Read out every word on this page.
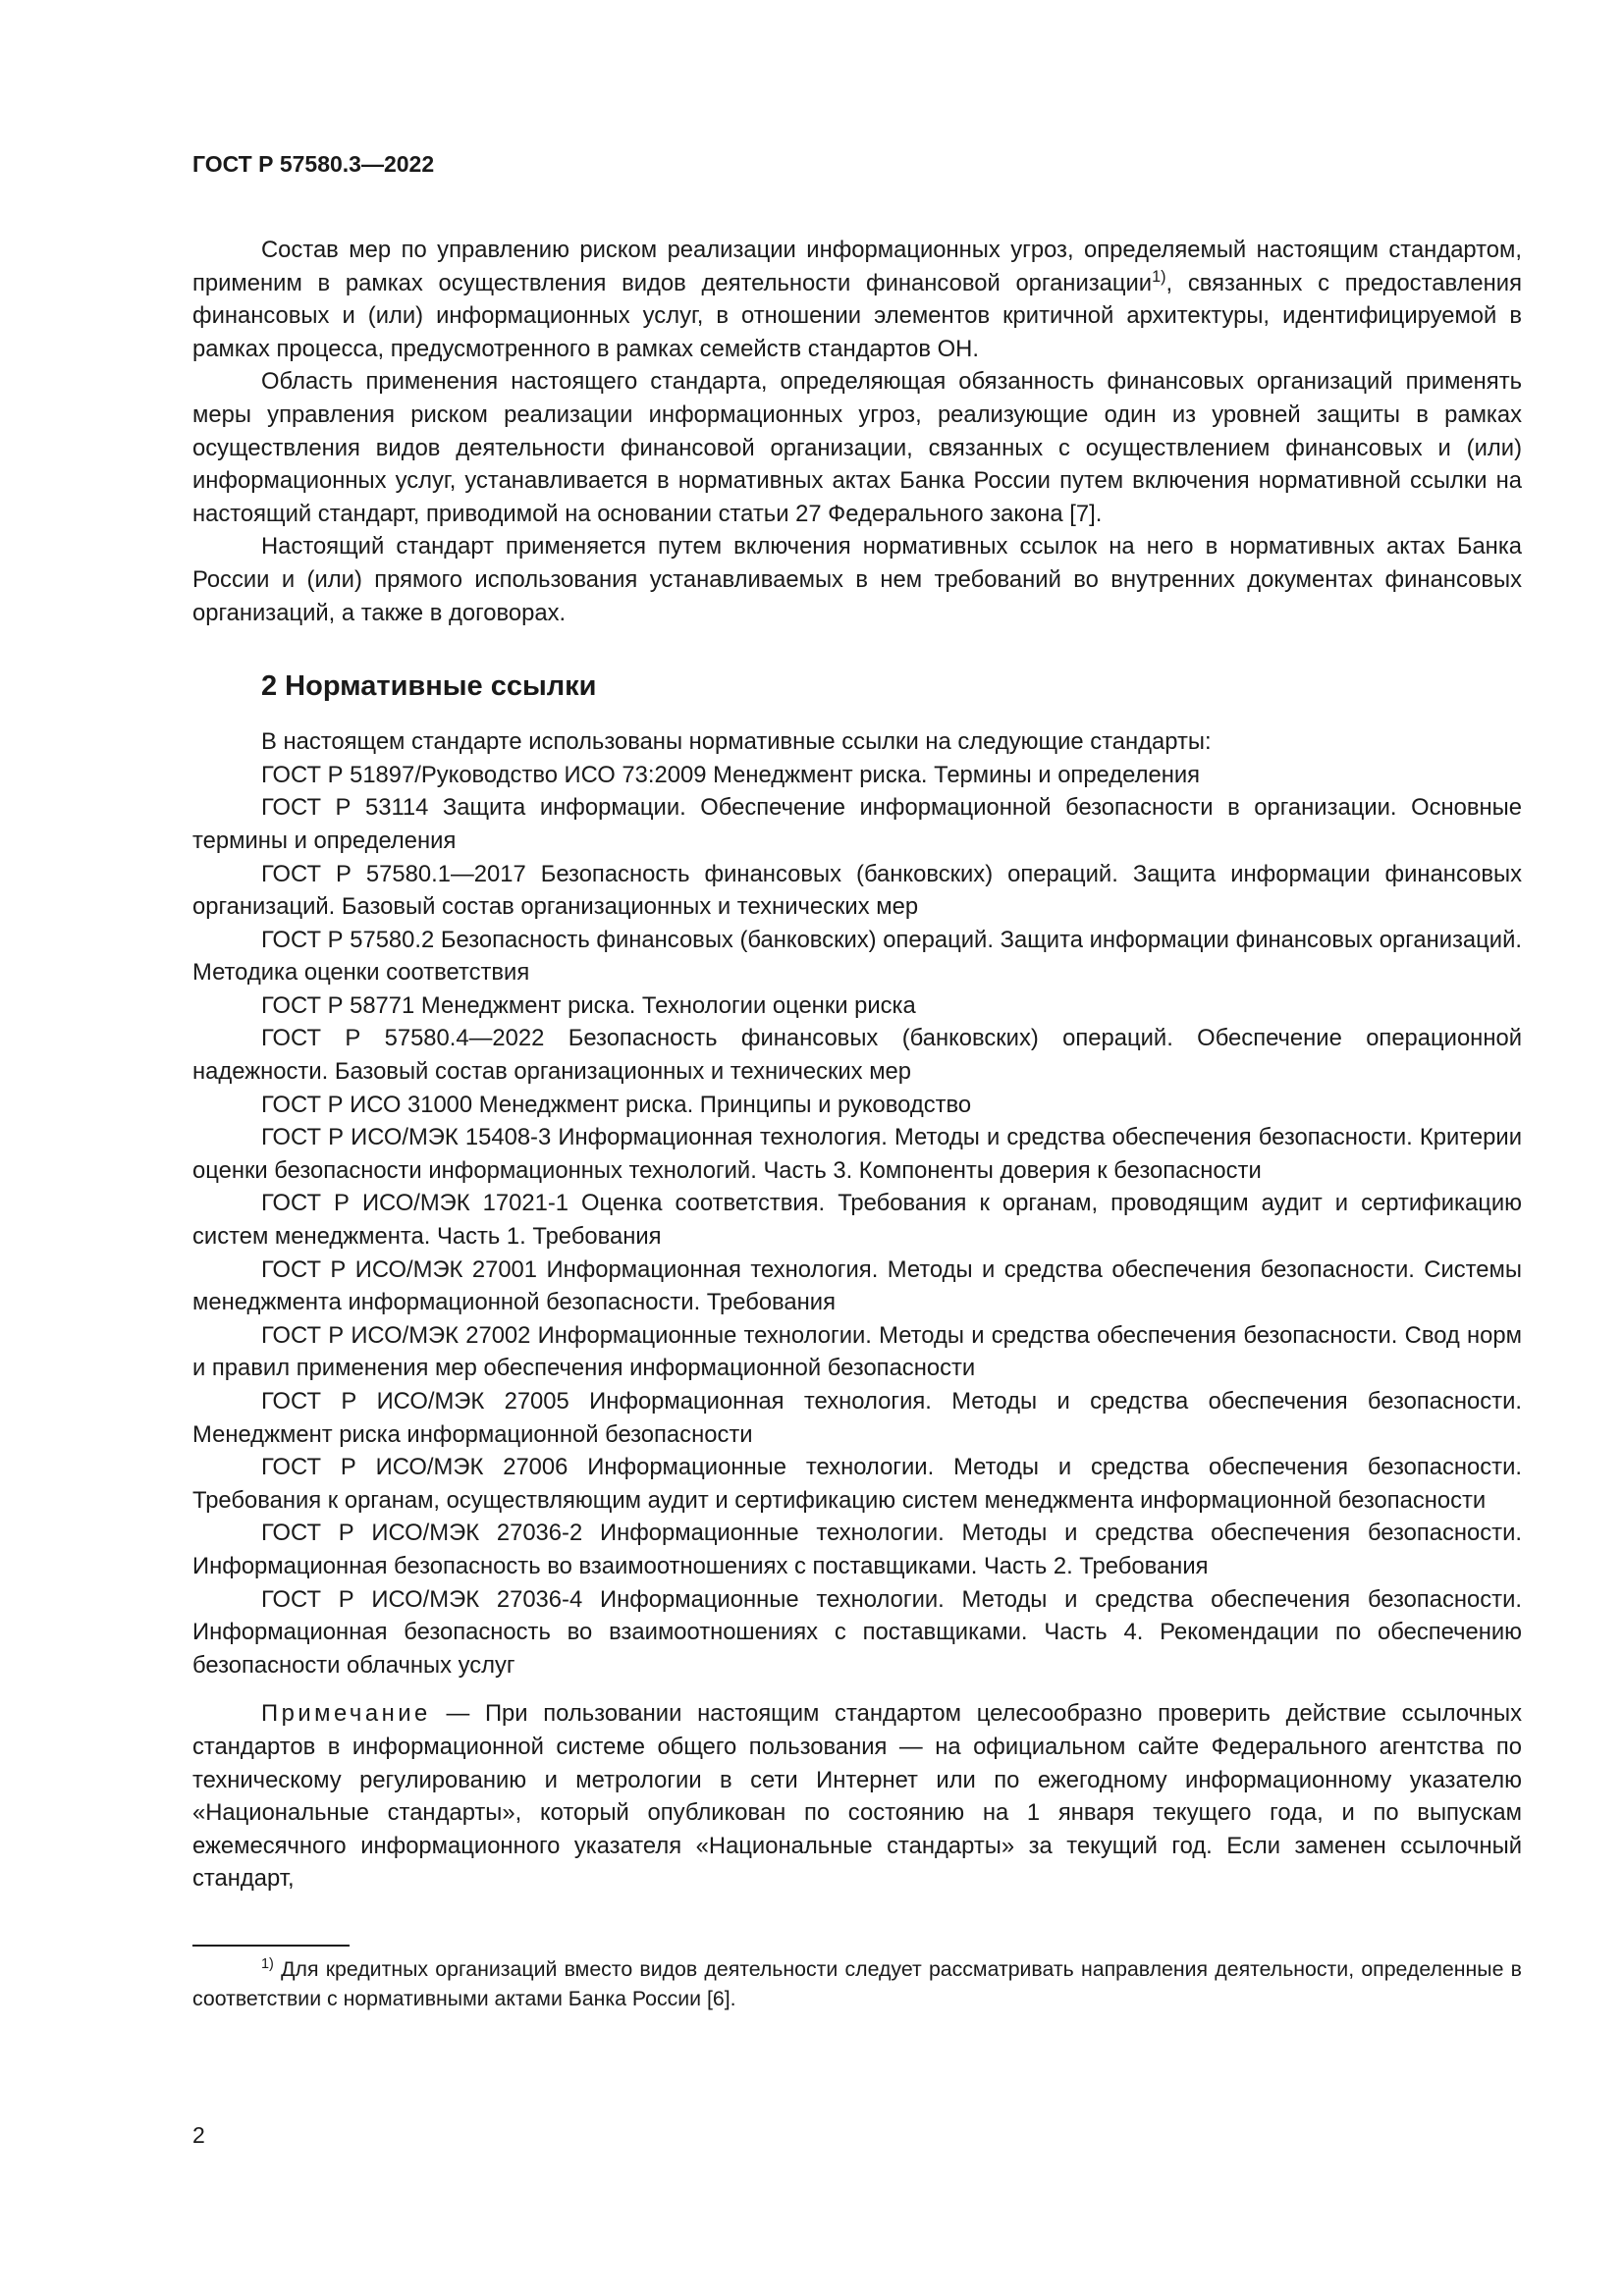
ГОСТ Р 57580.3—2022

Состав мер по управлению риском реализации информационных угроз, определяемый настоящим стандартом, применим в рамках осуществления видов деятельности финансовой организации$^{1)}$, связанных с предоставления финансовых и (или) информационных услуг, в отношении элементов критичной архитектуры, идентифицируемой в рамках процесса, предусмотренного в рамках семейств стандартов ОН.

Область применения настоящего стандарта, определяющая обязанность финансовых организаций применять меры управления риском реализации информационных угроз, реализующие один из уровней защиты в рамках осуществления видов деятельности финансовой организации, связанных с осуществлением финансовых и (или) информационных услуг, устанавливается в нормативных актах Банка России путем включения нормативной ссылки на настоящий стандарт, приводимой на основании статьи 27 Федерального закона [7].

Настоящий стандарт применяется путем включения нормативных ссылок на него в нормативных актах Банка России и (или) прямого использования устанавливаемых в нем требований во внутренних документах финансовых организаций, а также в договорах.

2 Нормативные ссылки

В настоящем стандарте использованы нормативные ссылки на следующие стандарты:

ГОСТ Р 51897/Руководство ИСО 73:2009 Менеджмент риска. Термины и определения

ГОСТ Р 53114 Защита информации. Обеспечение информационной безопасности в организации. Основные термины и определения

ГОСТ Р 57580.1—2017 Безопасность финансовых (банковских) операций. Защита информации финансовых организаций. Базовый состав организационных и технических мер

ГОСТ Р 57580.2 Безопасность финансовых (банковских) операций. Защита информации финансовых организаций. Методика оценки соответствия

ГОСТ Р 58771 Менеджмент риска. Технологии оценки риска

ГОСТ Р 57580.4—2022 Безопасность финансовых (банковских) операций. Обеспечение операционной надежности. Базовый состав организационных и технических мер

ГОСТ Р ИСО 31000 Менеджмент риска. Принципы и руководство

ГОСТ Р ИСО/МЭК 15408-3 Информационная технология. Методы и средства обеспечения безопасности. Критерии оценки безопасности информационных технологий. Часть 3. Компоненты доверия к безопасности

ГОСТ Р ИСО/МЭК 17021-1 Оценка соответствия. Требования к органам, проводящим аудит и сертификацию систем менеджмента. Часть 1. Требования

ГОСТ Р ИСО/МЭК 27001 Информационная технология. Методы и средства обеспечения безопасности. Системы менеджмента информационной безопасности. Требования

ГОСТ Р ИСО/МЭК 27002 Информационные технологии. Методы и средства обеспечения безопасности. Свод норм и правил применения мер обеспечения информационной безопасности

ГОСТ Р ИСО/МЭК 27005 Информационная технология. Методы и средства обеспечения безопасности. Менеджмент риска информационной безопасности

ГОСТ Р ИСО/МЭК 27006 Информационные технологии. Методы и средства обеспечения безопасности. Требования к органам, осуществляющим аудит и сертификацию систем менеджмента информационной безопасности

ГОСТ Р ИСО/МЭК 27036-2 Информационные технологии. Методы и средства обеспечения безопасности. Информационная безопасность во взаимоотношениях с поставщиками. Часть 2. Требования

ГОСТ Р ИСО/МЭК 27036-4 Информационные технологии. Методы и средства обеспечения безопасности. Информационная безопасность во взаимоотношениях с поставщиками. Часть 4. Рекомендации по обеспечению безопасности облачных услуг

Примечание — При пользовании настоящим стандартом целесообразно проверить действие ссылочных стандартов в информационной системе общего пользования — на официальном сайте Федерального агентства по техническому регулированию и метрологии в сети Интернет или по ежегодному информационному указателю «Национальные стандарты», который опубликован по состоянию на 1 января текущего года, и по выпускам ежемесячного информационного указателя «Национальные стандарты» за текущий год. Если заменен ссылочный стандарт,

$^{1)}$ Для кредитных организаций вместо видов деятельности следует рассматривать направления деятельности, определенные в соответствии с нормативными актами Банка России [6].

2
